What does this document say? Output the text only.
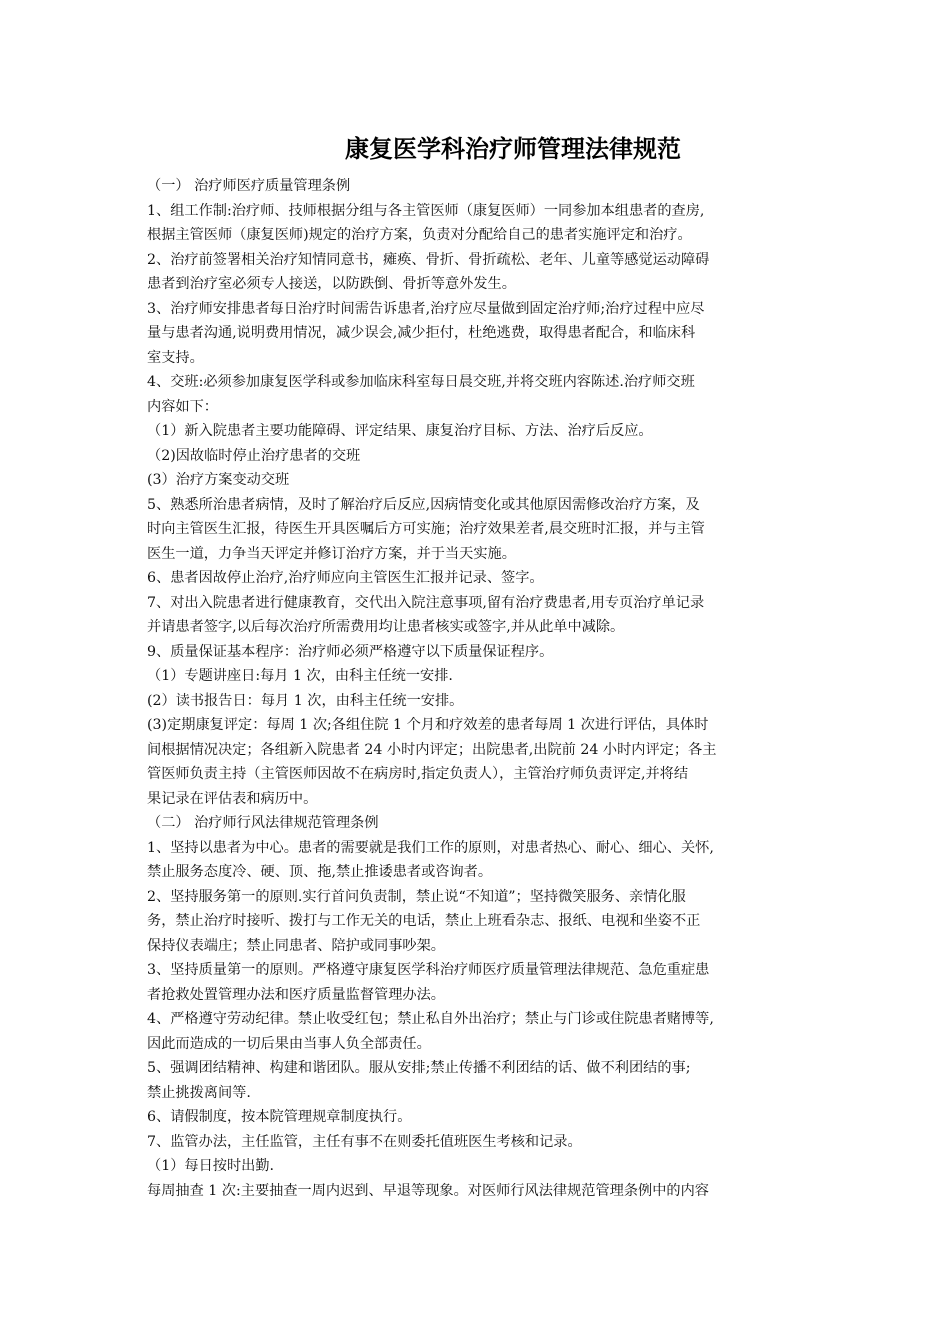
康复医学科治疗师管理法律规范
（一） 治疗师医疗质量管理条例
1、组工作制:治疗师、技师根据分组与各主管医师（康复医师）一同参加本组患者的查房,
根据主管医师（康复医师)规定的治疗方案，负责对分配给自己的患者实施评定和治疗。
2、治疗前签署相关治疗知情同意书，瘫痪、骨折、骨折疏松、老年、儿童等感觉运动障碍
患者到治疗室必须专人接送，以防跌倒、骨折等意外发生。
3、治疗师安排患者每日治疗时间需告诉患者,治疗应尽量做到固定治疗师;治疗过程中应尽
量与患者沟通,说明费用情况，减少误会,减少拒付，杜绝逃费，取得患者配合，和临床科
室支持。
4、交班:必须参加康复医学科或参加临床科室每日晨交班,并将交班内容陈述.治疗师交班
内容如下：
（1）新入院患者主要功能障碍、评定结果、康复治疗目标、方法、治疗后反应。
（2)因故临时停止治疗患者的交班
(3）治疗方案变动交班
5、熟悉所治患者病情，及时了解治疗后反应,因病情变化或其他原因需修改治疗方案，及
时向主管医生汇报，待医生开具医嘱后方可实施；治疗效果差者,晨交班时汇报，并与主管
医生一道，力争当天评定并修订治疗方案，并于当天实施。
6、患者因故停止治疗,治疗师应向主管医生汇报并记录、签字。
7、对出入院患者进行健康教育，交代出入院注意事项,留有治疗费患者,用专页治疗单记录
并请患者签字,以后每次治疗所需费用均让患者核实或签字,并从此单中减除。
9、质量保证基本程序：治疗师必须严格遵守以下质量保证程序。
（1）专题讲座日:每月 1 次，由科主任统一安排.
(2）读书报告日：每月 1 次，由科主任统一安排。
(3)定期康复评定：每周 1 次;各组住院 1 个月和疗效差的患者每周 1 次进行评估，具体时
间根据情况决定；各组新入院患者 24 小时内评定；出院患者,出院前 24 小时内评定；各主
管医师负责主持（主管医师因故不在病房时,指定负责人），主管治疗师负责评定,并将结
果记录在评估表和病历中。
（二） 治疗师行风法律规范管理条例
1、坚持以患者为中心。患者的需要就是我们工作的原则，对患者热心、耐心、细心、关怀,
禁止服务态度冷、硬、顶、拖,禁止推诿患者或咨询者。
2、坚持服务第一的原则.实行首问负责制，禁止说“不知道”；坚持微笑服务、亲情化服
务，禁止治疗时接听、拨打与工作无关的电话，禁止上班看杂志、报纸、电视和坐姿不正
保持仪表端庄；禁止同患者、陪护或同事吵架。
3、坚持质量第一的原则。严格遵守康复医学科治疗师医疗质量管理法律规范、急危重症患
者抢救处置管理办法和医疗质量监督管理办法。
4、严格遵守劳动纪律。禁止收受红包；禁止私自外出治疗；禁止与门诊或住院患者赌博等,
因此而造成的一切后果由当事人负全部责任。
5、强调团结精神、构建和谐团队。服从安排;禁止传播不利团结的话、做不利团结的事;
禁止挑拨离间等.
6、请假制度，按本院管理规章制度执行。
7、监管办法，主任监管，主任有事不在则委托值班医生考核和记录。
（1）每日按时出勤.
每周抽查 1 次:主要抽查一周内迟到、早退等现象。对医师行风法律规范管理条例中的内容
